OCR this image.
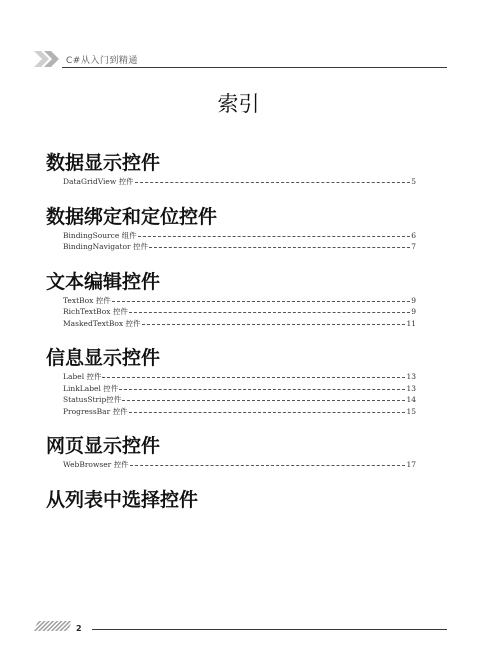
C#从入门到精通
索引
数据显示控件
DataGridView 控件	5
数据绑定和定位控件
BindingSource 组件	6
BindingNavigator 控件	7
文本编辑控件
TextBox 控件	9
RichTextBox 控件	9
MaskedTextBox 控件	11
信息显示控件
Label 控件	13
LinkLabel 控件	13
StatusStrip控件	14
ProgressBar 控件	15
网页显示控件
WebBrowser 控件	17
从列表中选择控件
2
